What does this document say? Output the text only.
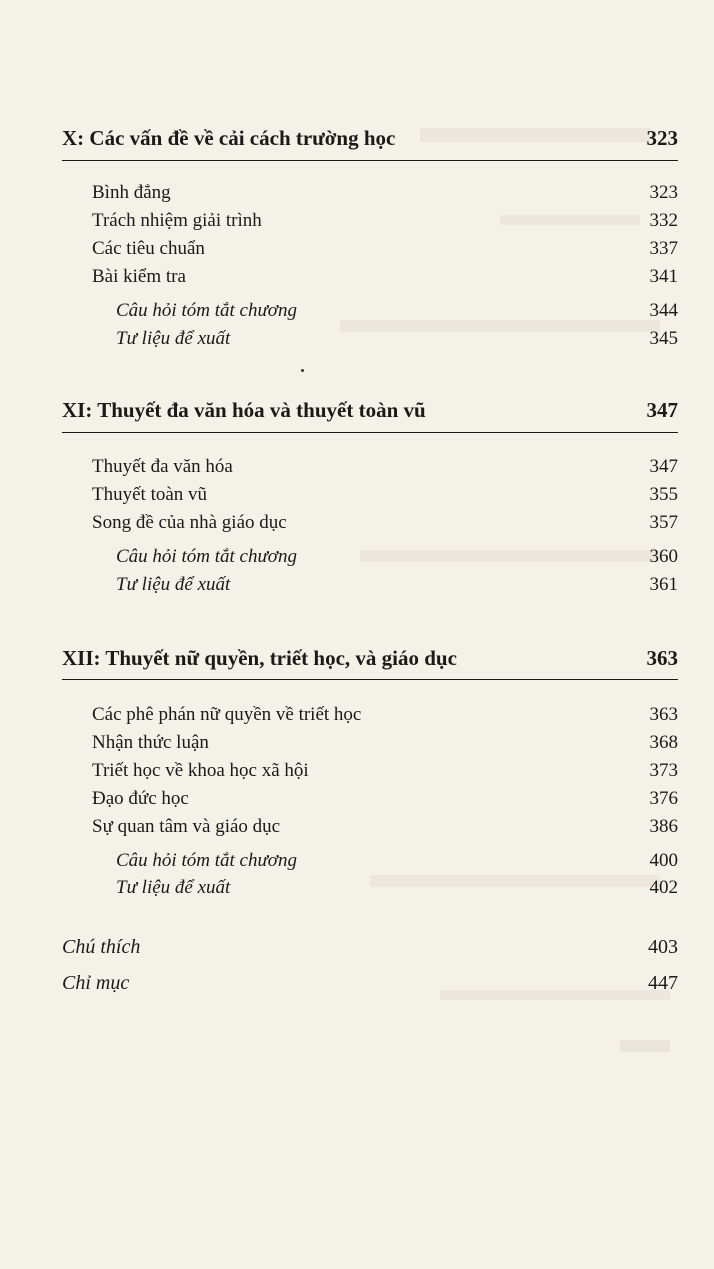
X: Các vấn đề về cải cách trường học	323
Bình đẳng	323
Trách nhiệm giải trình	332
Các tiêu chuẩn	337
Bài kiểm tra	341
Câu hỏi tóm tắt chương	344
Tư liệu để xuất	345
XI: Thuyết đa văn hóa và thuyết toàn vũ	347
Thuyết đa văn hóa	347
Thuyết toàn vũ	355
Song đề của nhà giáo dục	357
Câu hỏi tóm tắt chương	360
Tư liệu để xuất	361
XII: Thuyết nữ quyền, triết học, và giáo dục	363
Các phê phán nữ quyền về triết học	363
Nhận thức luận	368
Triết học về khoa học xã hội	373
Đạo đức học	376
Sự quan tâm và giáo dục	386
Câu hỏi tóm tắt chương	400
Tư liệu để xuất	402
Chú thích	403
Chỉ mục	447
